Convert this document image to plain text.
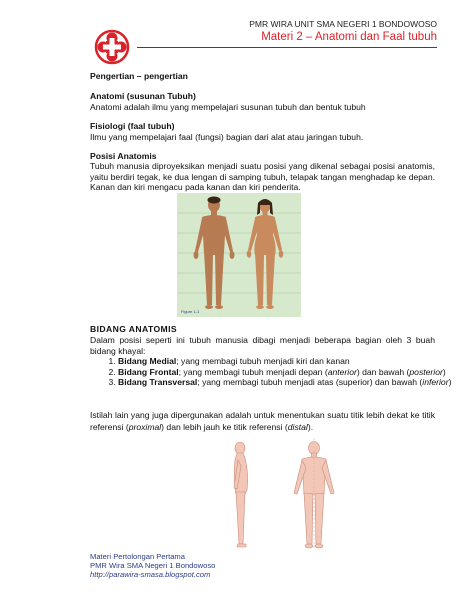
PMR WIRA UNIT SMA NEGERI 1 BONDOWOSO
Materi 2 – Anatomi dan Faal tubuh
Pengertian – pengertian
Anatomi (susunan Tubuh)
Anatomi adalah ilmu yang mempelajari susunan tubuh dan bentuk tubuh
Fisiologi (faal tubuh)
Ilmu yang mempelajari faal (fungsi) bagian dari alat atau jaringan tubuh.
Posisi Anatomis
Tubuh manusia diproyeksikan menjadi suatu posisi yang dikenal sebagai posisi anatomis, yaitu berdiri tegak, ke dua lengan di samping tubuh, telapak tangan menghadap ke depan. Kanan dan kiri mengacu pada kanan dan kiri penderita.
Figure 1-1
BIDANG ANATOMIS
Dalam posisi seperti ini tubuh manusia dibagi menjadi beberapa bagian oleh 3 buah bidang khayal:
1. Bidang Medial; yang membagi tubuh menjadi kiri dan kanan
2. Bidang Frontal; yang membagi tubuh menjadi depan (anterior) dan bawah (posterior)
3. Bidang Transversal; yang membagi tubuh menjadi atas (superior) dan bawah (inferior)
Istilah lain yang juga dipergunakan adalah untuk menentukan suatu titik lebih dekat ke titik referensi (proximal) dan lebih jauh ke titik referensi (distal).
Materi Pertolongan Pertama
PMR Wira SMA Negeri 1 Bondowoso
http://parawira-smasa.blogspot.com
